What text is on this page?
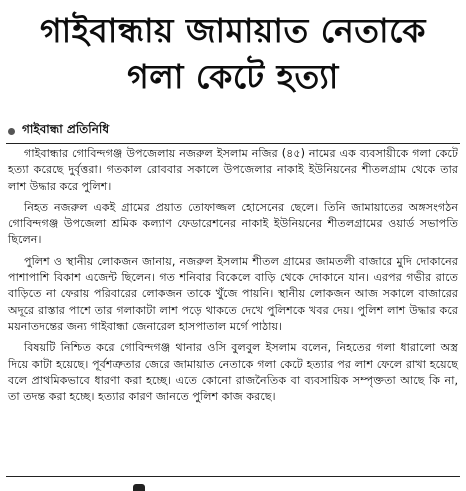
গাইবান্ধায় জামায়াত নেতাকে
গলা কেটে হত্যা
গাইবান্ধা প্রতিনিধি

গাইবান্ধার গোবিন্দগঞ্জ উপজেলায় নজরুল ইসলাম নজির (৪৫) নামের এক ব্যবসায়ীকে গলা কেটে হত্যা করেছে দুর্বৃত্তরা। গতকাল রোববার সকালে উপজেলার নাকাই ইউনিয়নের শীতলগ্রাম থেকে তার লাশ উদ্ধার করে পুলিশ।

নিহত নজরুল একই গ্রামের প্রয়াত তোফাজ্জল হোসেনের ছেলে। তিনি জামায়াতের অঙ্গসংগঠন গোবিন্দগঞ্জ উপজেলা শ্রমিক কল্যাণ ফেডারেশনের নাকাই ইউনিয়নের শীতলগ্রামের ওয়ার্ড সভাপতি ছিলেন।

পুলিশ ও স্থানীয় লোকজন জানায়, নজরুল ইসলাম শীতল গ্রামের জামতলী বাজারে মুদি দোকানের পাশাপাশি বিকাশ এজেন্ট ছিলেন। গত শনিবার বিকেলে বাড়ি থেকে দোকানে যান। এরপর গভীর রাতে বাড়িতে না ফেরায় পরিবারের লোকজন তাকে খুঁজে পায়নি। স্থানীয় লোকজন আজ সকালে বাজারের অদূরে রাস্তার পাশে তার গলাকাটা লাশ পড়ে থাকতে দেখে পুলিশকে খবর দেয়। পুলিশ লাশ উদ্ধার করে ময়নাতদন্তের জন্য গাইবান্ধা জেনারেল হাসপাতাল মর্গে পাঠায়।

বিষয়টি নিশ্চিত করে গোবিন্দগঞ্জ থানার ওসি বুলবুল ইসলাম বলেন, নিহতের গলা ধারালো অস্ত্র দিয়ে কাটা হয়েছে। পূর্বশত্রুতার জেরে জামায়াত নেতাকে গলা কেটে হত্যার পর লাশ ফেলে রাখা হয়েছে বলে প্রাথমিকভাবে ধারণা করা হচ্ছে। এতে কোনো রাজনৈতিক বা ব্যবসায়িক সম্পৃক্ততা আছে কি না, তা তদন্ত করা হচ্ছে। হত্যার কারণ জানতে পুলিশ কাজ করছে।
